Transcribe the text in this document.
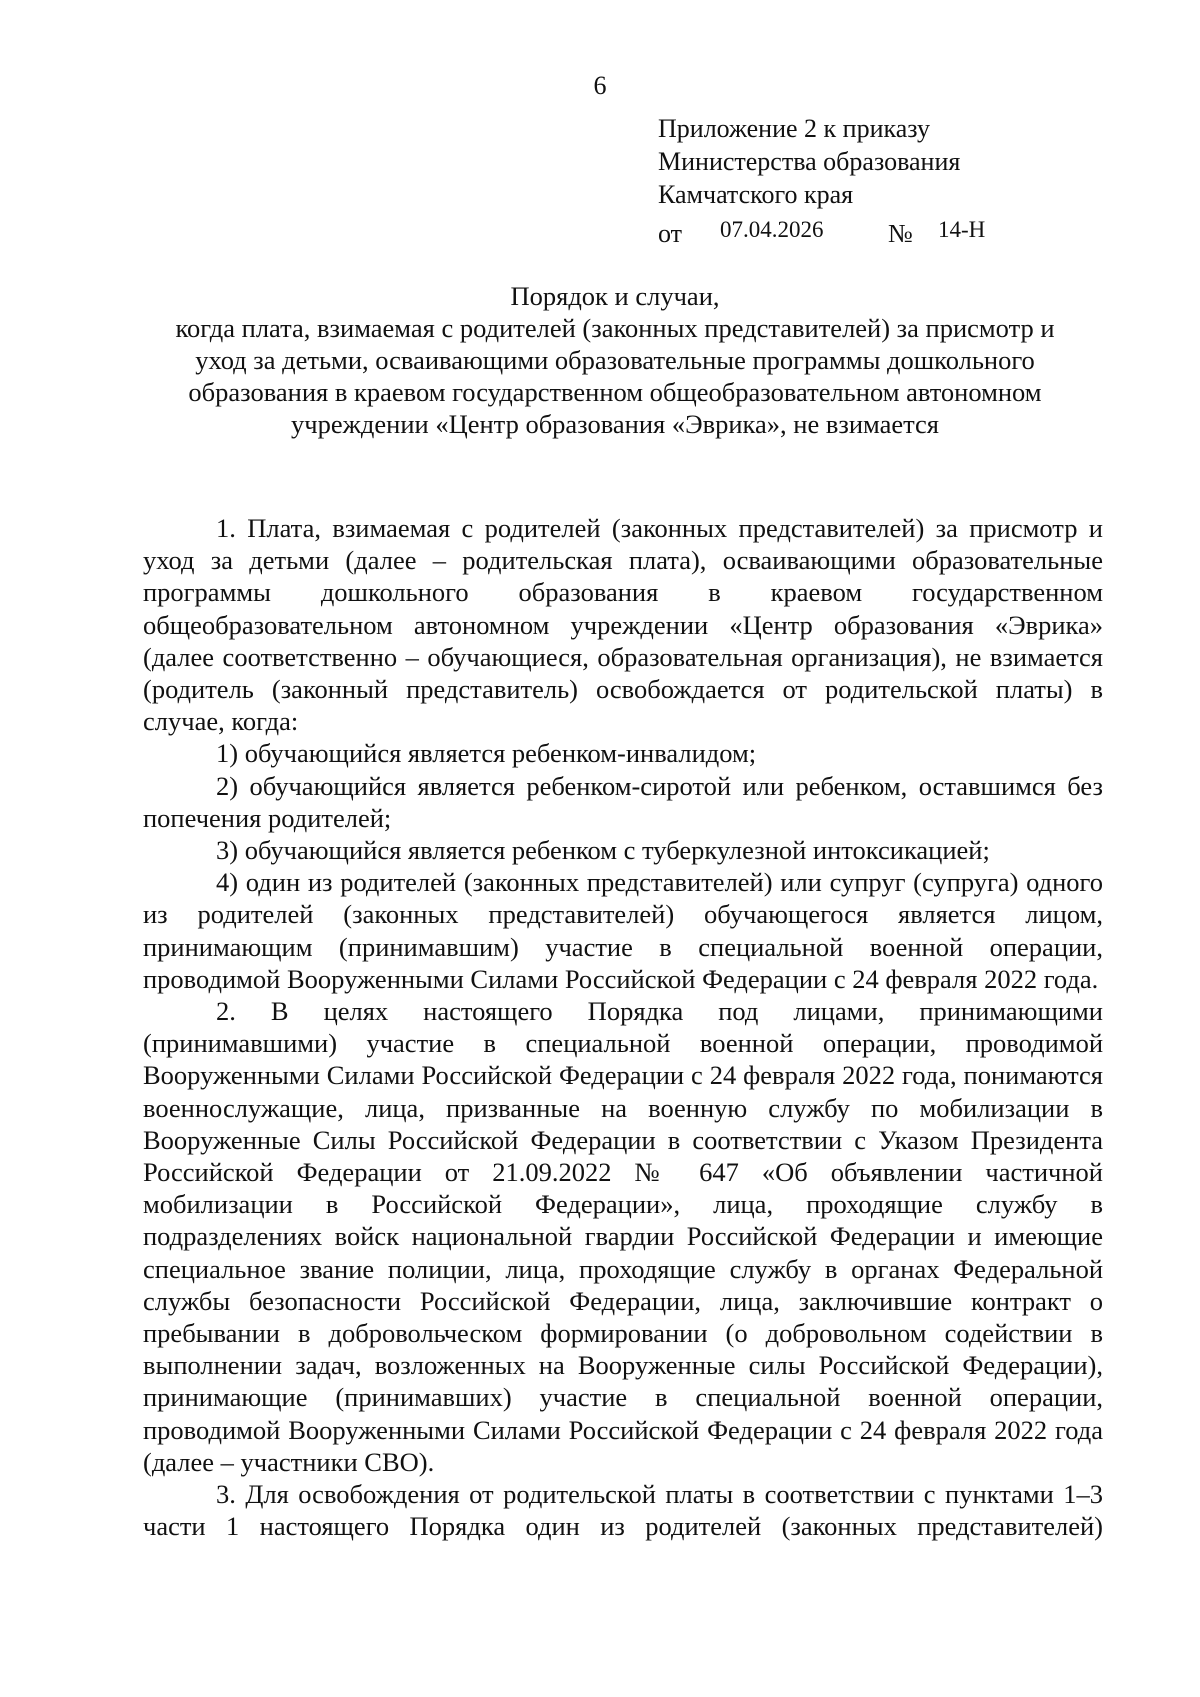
6
Приложение 2 к приказу
Министерства образования
Камчатского края
от 07.04.2026 № 14-Н
Порядок и случаи,
когда плата, взимаемая с родителей (законных представителей) за присмотр и
уход за детьми, осваивающими образовательные программы дошкольного
образования в краевом государственном общеобразовательном автономном
учреждении «Центр образования «Эврика», не взимается

1. Плата, взимаемая с родителей (законных представителей) за присмотр и уход за детьми (далее – родительская плата), осваивающими образовательные программы дошкольного образования в краевом государственном общеобразовательном автономном учреждении «Центр образования «Эврика» (далее соответственно – обучающиеся, образовательная организация), не взимается (родитель (законный представитель) освобождается от родительской платы) в случае, когда:

1) обучающийся является ребенком-инвалидом;

2) обучающийся является ребенком-сиротой или ребенком, оставшимся без попечения родителей;

3) обучающийся является ребенком с туберкулезной интоксикацией;

4) один из родителей (законных представителей) или супруг (супруга) одного из родителей (законных представителей) обучающегося является лицом, принимающим (принимавшим) участие в специальной военной операции, проводимой Вооруженными Силами Российской Федерации с 24 февраля 2022 года.

2. В целях настоящего Порядка под лицами, принимающими (принимавшими) участие в специальной военной операции, проводимой Вооруженными Силами Российской Федерации с 24 февраля 2022 года, понимаются военнослужащие, лица, призванные на военную службу по мобилизации в Вооруженные Силы Российской Федерации в соответствии с Указом Президента Российской Федерации от 21.09.2022 № 647 «Об объявлении частичной мобилизации в Российской Федерации», лица, проходящие службу в подразделениях войск национальной гвардии Российской Федерации и имеющие специальное звание полиции, лица, проходящие службу в органах Федеральной службы безопасности Российской Федерации, лица, заключившие контракт о пребывании в добровольческом формировании (о добровольном содействии в выполнении задач, возложенных на Вооруженные силы Российской Федерации), принимающие (принимавших) участие в специальной военной операции, проводимой Вооруженными Силами Российской Федерации с 24 февраля 2022 года (далее – участники СВО).

3. Для освобождения от родительской платы в соответствии с пунктами 1–3 части 1 настоящего Порядка один из родителей (законных представителей)
